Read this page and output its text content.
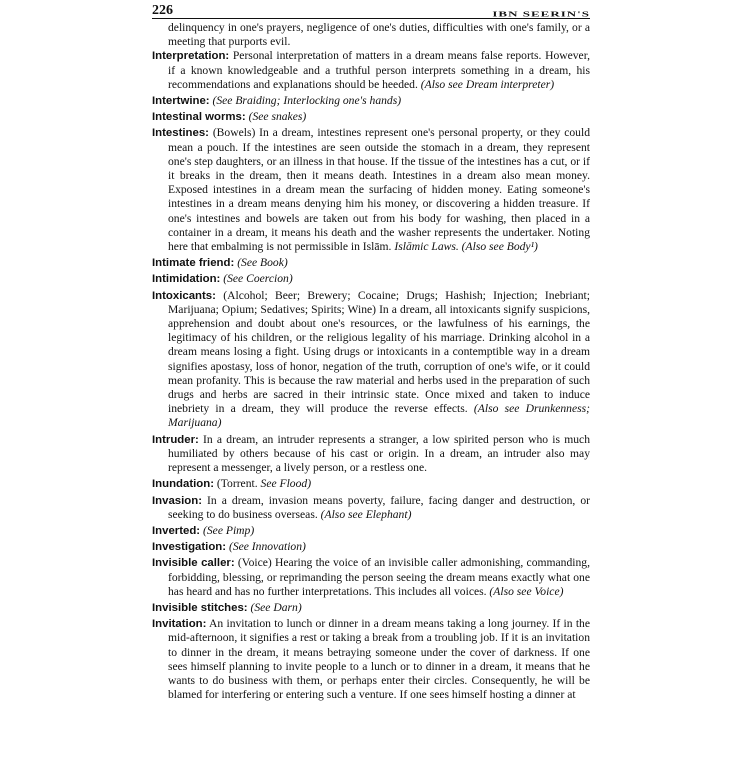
226	IBN SEERIN'S

delinquency in one's prayers, negligence of one's duties, difficulties with one's family, or a meeting that purports evil.

Interpretation: Personal interpretation of matters in a dream means false reports. However, if a known knowledgeable and a truthful person interprets something in a dream, his recommendations and explanations should be heeded. (Also see Dream interpreter)

Intertwine: (See Braiding; Interlocking one's hands)

Intestinal worms: (See snakes)

Intestines: (Bowels) In a dream, intestines represent one's personal property, or they could mean a pouch. If the intestines are seen outside the stomach in a dream, they represent one's step daughters, or an illness in that house. If the tissue of the intestines has a cut, or if it breaks in the dream, then it means death. Intestines in a dream also mean money. Exposed intestines in a dream mean the surfacing of hidden money. Eating someone's intestines in a dream means denying him his money, or discovering a hidden treasure. If one's intestines and bowels are taken out from his body for washing, then placed in a container in a dream, it means his death and the washer represents the undertaker. Noting here that embalming is not permissible in Islām. Islāmic Laws. (Also see Body¹)

Intimate friend: (See Book)

Intimidation: (See Coercion)

Intoxicants: (Alcohol; Beer; Brewery; Cocaine; Drugs; Hashish; Injection; Inebriant; Marijuana; Opium; Sedatives; Spirits; Wine) In a dream, all intoxicants signify suspicions, apprehension and doubt about one's resources, or the lawfulness of his earnings, the legitimacy of his children, or the religious legality of his marriage. Drinking alcohol in a dream means losing a fight. Using drugs or intoxicants in a contemptible way in a dream signifies apostasy, loss of honor, negation of the truth, corruption of one's wife, or it could mean profanity. This is because the raw material and herbs used in the preparation of such drugs and herbs are sacred in their intrinsic state. Once mixed and taken to induce inebriety in a dream, they will produce the reverse effects. (Also see Drunkenness; Marijuana)

Intruder: In a dream, an intruder represents a stranger, a low spirited person who is much humiliated by others because of his cast or origin. In a dream, an intruder also may represent a messenger, a lively person, or a restless one.

Inundation: (Torrent. See Flood)

Invasion: In a dream, invasion means poverty, failure, facing danger and destruction, or seeking to do business overseas. (Also see Elephant)

Inverted: (See Pimp)

Investigation: (See Innovation)

Invisible caller: (Voice) Hearing the voice of an invisible caller admonishing, commanding, forbidding, blessing, or reprimanding the person seeing the dream means exactly what one has heard and has no further interpretations. This includes all voices. (Also see Voice)

Invisible stitches: (See Darn)

Invitation: An invitation to lunch or dinner in a dream means taking a long journey. If in the mid-afternoon, it signifies a rest or taking a break from a troubling job. If it is an invitation to dinner in the dream, it means betraying someone under the cover of darkness. If one sees himself planning to invite people to a lunch or to dinner in a dream, it means that he wants to do business with them, or perhaps enter their circles. Consequently, he will be blamed for interfering or entering such a venture. If one sees himself hosting a dinner at
